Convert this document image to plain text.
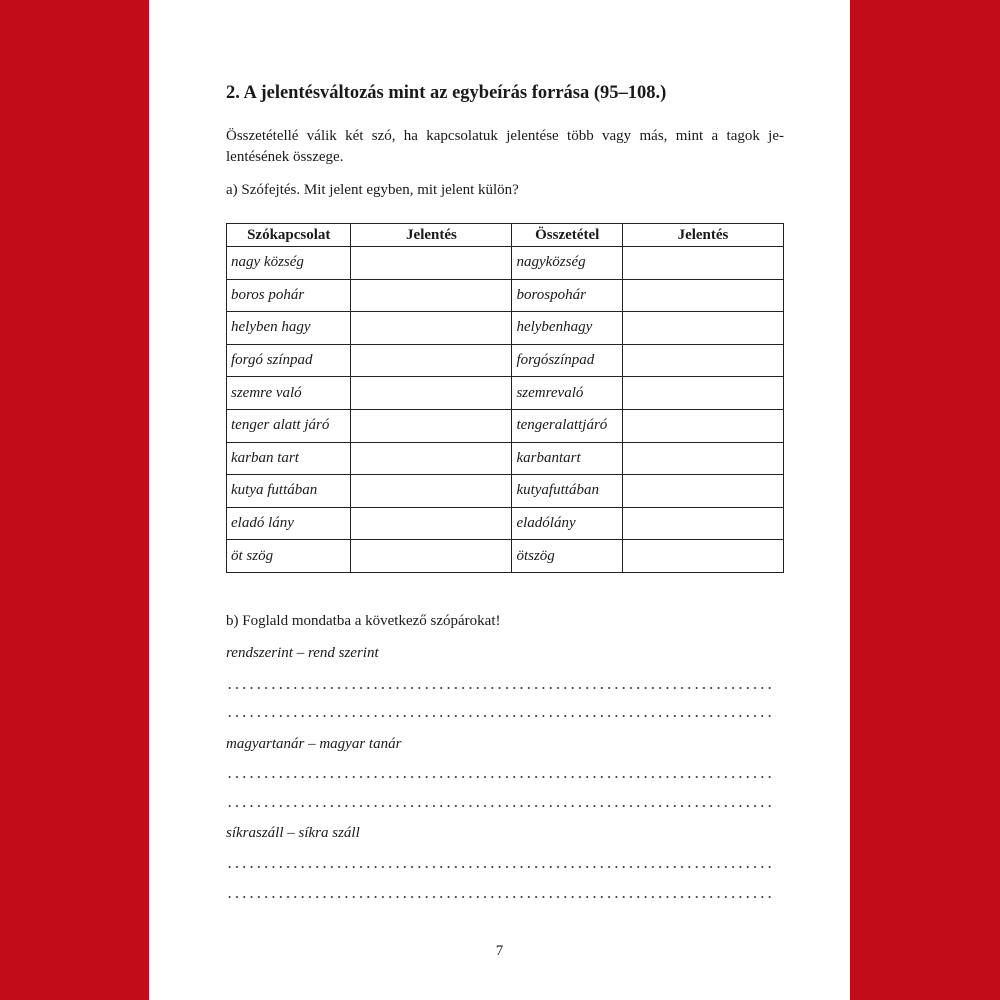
2. A jelentésváltozás mint az egybeírás forrása (95–108.)
Összetétellé válik két szó, ha kapcsolatuk jelentése több vagy más, mint a tagok je-
lentésének összege.
a) Szófejtés. Mit jelent egyben, mit jelent külön?
Szókapcsolat	Jelentés	Összetétel	Jelentés
nagy község		nagyközség	
boros pohár		borospohár	
helyben hagy		helybenhagy	
forgó színpad		forgószínpad	
szemre való		szemrevaló	
tenger alatt járó		tengeralattjáró	
karban tart		karbantart	
kutya futtában		kutyafuttában	
eladó lány		eladólány	
öt szög		ötszög	
b) Foglald mondatba a következő szópárokat!
rendszerint – rend szerint
magyartanár – magyar tanár
síkraszáll – síkra száll
7
